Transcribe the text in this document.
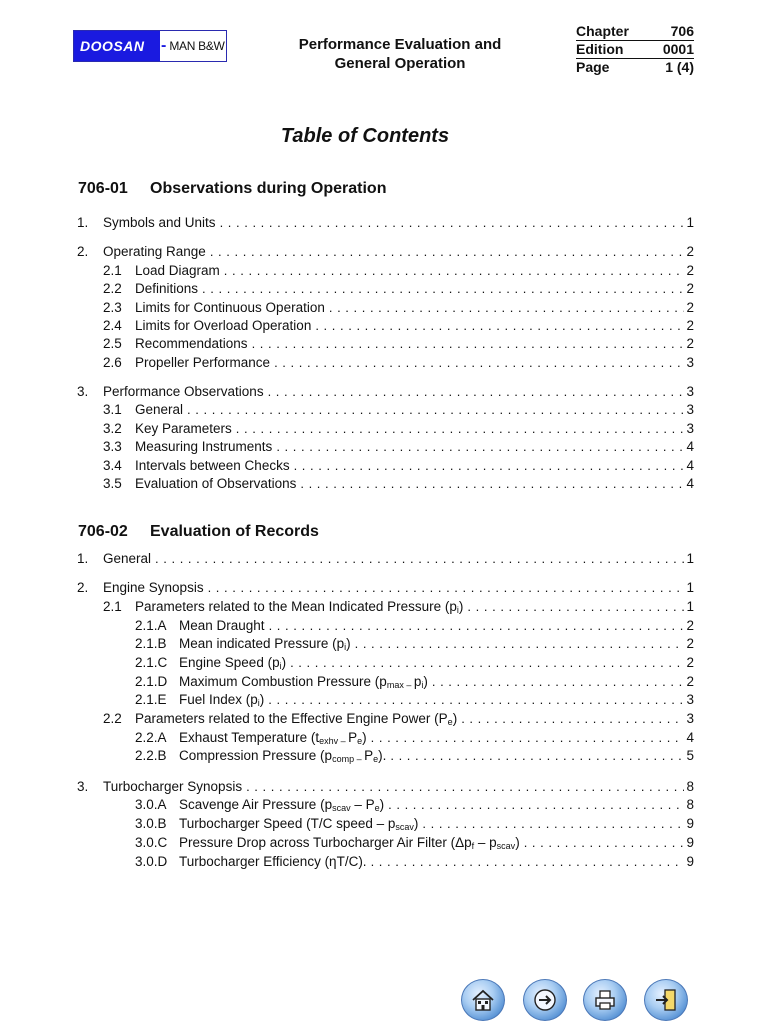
DOOSAN	- MAN B&W	Performance Evaluation and
General Operation
Chapter	706
Edition	0001
Page	1 (4)
Table of Contents
706-01 Observations during Operation
706-02 Evaluation of Records
1.	Symbols and Units . . .	1
2.	Operating Range . . .	2
2.1 Load Diagram . . .	2
2.2 Definitions . . .	2
2.3 Limits for Continuous Operation . . .	2
2.4 Limits for Overload Operation . . .	2
2.5 Recommendations . . .	2
2.6 Propeller Performance . . .	3
3.	Performance Observations . . .	3
3.1 General . . .	3
3.2 Key Parameters . . .	3
3.3 Measuring Instruments . . .	4
3.4 Intervals between Checks . . .	4
3.5 Evaluation of Observations . . .	4
1.	General . . .	1
2.	Engine Synopsis . . .	1
2.1 Parameters related to the Mean Indicated Pressure $(p_i)$ . . .	1
2.1.A Mean Draught . . .	2
2.1.B Mean indicated Pressure $(p_i)$ . . .	2
2.1.C Engine Speed $(p_i)$ . . .	2
2.1.D Maximum Combustion Pressure ($p_{max -}$ $p_i$) . . .	2
2.1.E Fuel Index $(p_i)$ . . .	3
2.2 Parameters related to the Effective Engine Power $(P_e)$ . . .	3
2.2.A Exhaust Temperature ($t_{exhv -}$ $P_e$) . . .	4
2.2.B Compression Pressure ($p_{comp -}$ $P_e$). . . .	5
3.	Turbocharger Synopsis . . .	8
3.0.A Scavenge Air Pressure $(p_{scav} - P_e)$ . . .	8
3.0.B Turbocharger Speed (T/C speed – $p_{scav}$) . . .	9
3.0.C Pressure Drop across Turbocharger Air Filter $(\Delta p_f - p_{scav})$ . . .	9
3.0.D Turbocharger Efficiency (ηT/C). . . .	9
